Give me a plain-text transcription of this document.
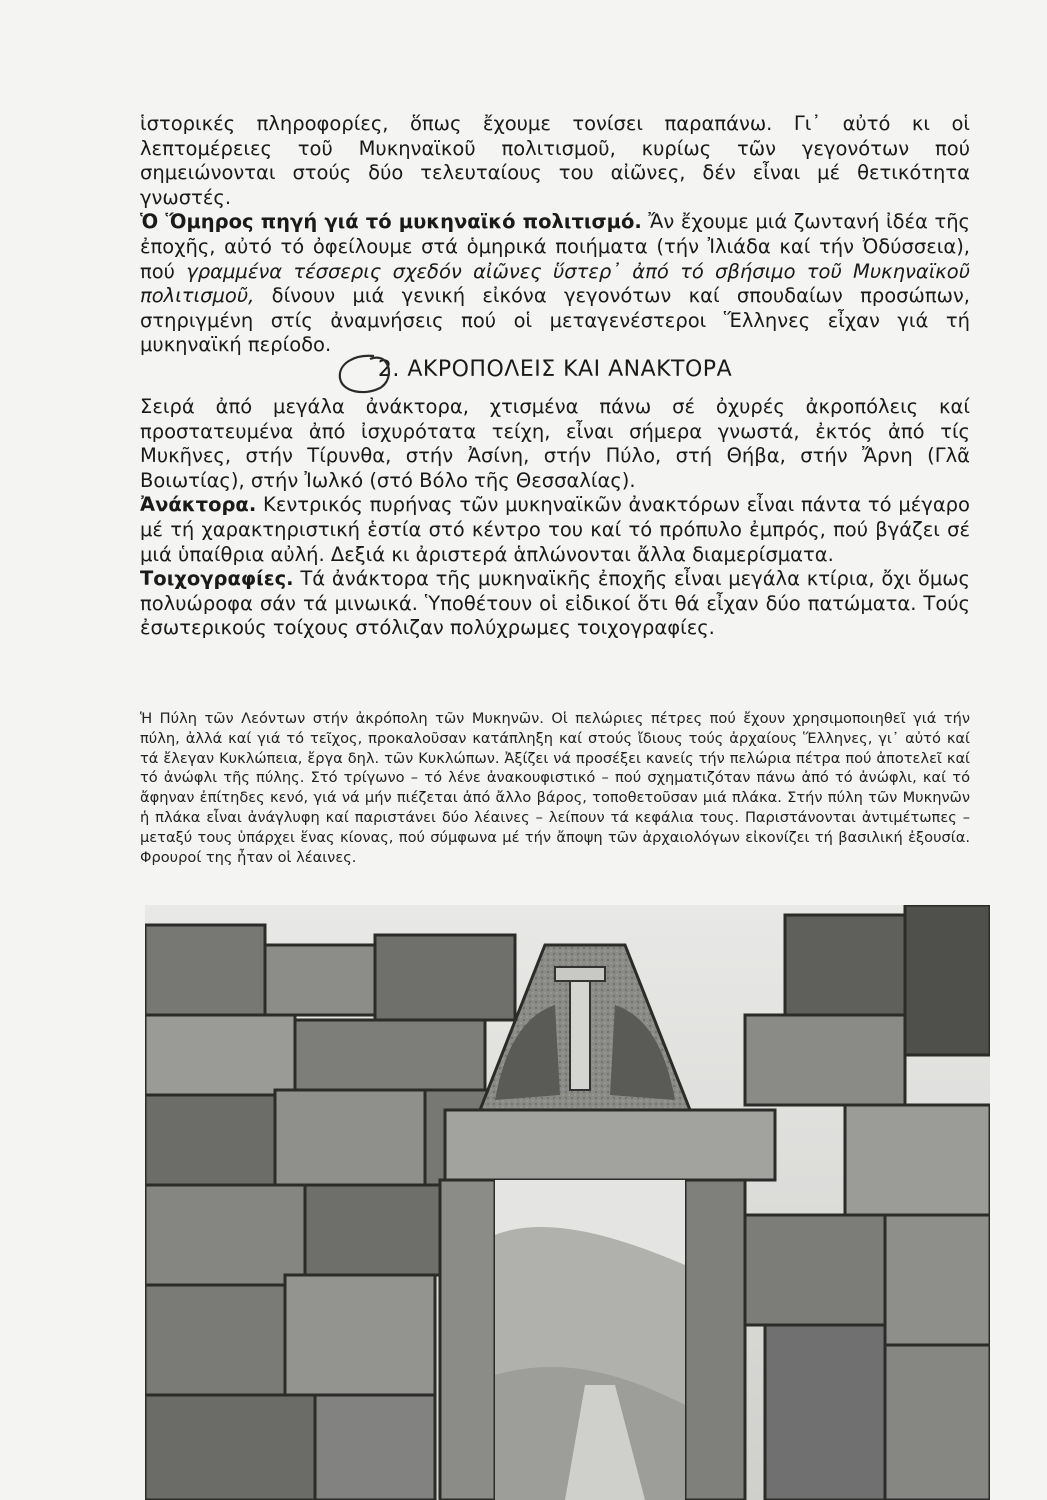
ἱστορικές πληροφορίες, ὅπως ἔχουμε τονίσει παραπάνω. Γι᾿ αὐτό κι οἱ λεπτομέρειες τοῦ Μυκηναϊκοῦ πολιτισμοῦ, κυρίως τῶν γεγονότων πού σημειώνονται στούς δύο τελευταίους του αἰῶνες, δέν εἶναι μέ θετικότητα γνωστές.

Ὁ Ὅμηρος πηγή γιά τό μυκηναϊκό πολιτισμό. Ἄν ἔχουμε μιά ζωντανή ἰδέα τῆς ἐποχῆς, αὐτό τό ὀφείλουμε στά ὁμηρικά ποιήματα (τήν Ἰλιάδα καί τήν Ὀδύσσεια), πού γραμμένα τέσσερις σχεδόν αἰῶνες ὕστερ᾿ ἀπό τό σβήσιμο τοῦ Μυκηναϊκοῦ πολιτισμοῦ, δίνουν μιά γενική εἰκόνα γεγονότων καί σπουδαίων προσώπων, στηριγμένη στίς ἀναμνήσεις πού οἱ μεταγενέστεροι Ἕλληνες εἶχαν γιά τή μυκηναϊκή περίοδο.

2. ΑΚΡΟΠΟΛΕΙΣ ΚΑΙ ΑΝΑΚΤΟΡΑ

Σειρά ἀπό μεγάλα ἀνάκτορα, χτισμένα πάνω σέ ὀχυρές ἀκροπόλεις καί προστατευμένα ἀπό ἰσχυρότατα τείχη, εἶναι σήμερα γνωστά, ἐκτός ἀπό τίς Μυκῆνες, στήν Τίρυνθα, στήν Ἀσίνη, στήν Πύλο, στή Θήβα, στήν Ἄρνη (Γλᾶ Βοιωτίας), στήν Ἰωλκό (στό Βόλο τῆς Θεσσαλίας).

Ἀνάκτορα. Κεντρικός πυρήνας τῶν μυκηναϊκῶν ἀνακτόρων εἶναι πάντα τό μέγαρο μέ τή χαρακτηριστική ἑστία στό κέντρο του καί τό πρόπυλο ἐμπρός, πού βγάζει σέ μιά ὑπαίθρια αὐλή. Δεξιά κι ἀριστερά ἁπλώνονται ἄλλα διαμερίσματα.

Τοιχογραφίες. Τά ἀνάκτορα τῆς μυκηναϊκῆς ἐποχῆς εἶναι μεγάλα κτίρια, ὄχι ὅμως πολυώροφα σάν τά μινωικά. Ὑποθέτουν οἱ εἰδικοί ὅτι θά εἶχαν δύο πατώματα. Τούς ἐσωτερικούς τοίχους στόλιζαν πολύχρωμες τοιχογραφίες.

Ἡ Πύλη τῶν Λεόντων στήν ἀκρόπολη τῶν Μυκηνῶν. Οἱ πελώριες πέτρες πού ἔχουν χρησιμοποιηθεῖ γιά τήν πύλη, ἀλλά καί γιά τό τεῖχος, προκαλοῦσαν κατάπληξη καί στούς ἴδιους τούς ἀρχαίους Ἕλληνες, γι᾿ αὐτό καί τά ἔλεγαν Κυκλώπεια, ἔργα δηλ. τῶν Κυκλώπων. Ἀξίζει νά προσέξει κανείς τήν πελώρια πέτρα πού ἀποτελεῖ καί τό ἀνώφλι τῆς πύλης. Στό τρίγωνο – τό λένε ἀνακουφιστικό – πού σχηματιζόταν πάνω ἀπό τό ἀνώφλι, καί τό ἄφηναν ἐπίτηδες κενό, γιά νά μήν πιέζεται ἀπό ἄλλο βάρος, τοποθετοῦσαν μιά πλάκα. Στήν πύλη τῶν Μυκηνῶν ἡ πλάκα εἶναι ἀνάγλυφη καί παριστάνει δύο λέαινες – λείπουν τά κεφάλια τους. Παριστάνονται ἀντιμέτωπες – μεταξύ τους ὑπάρχει ἕνας κίονας, πού σύμφωνα μέ τήν ἄποψη τῶν ἀρχαιολόγων εἰκονίζει τή βασιλική ἐξουσία. Φρουροί της ἦταν οἱ λέαινες.
